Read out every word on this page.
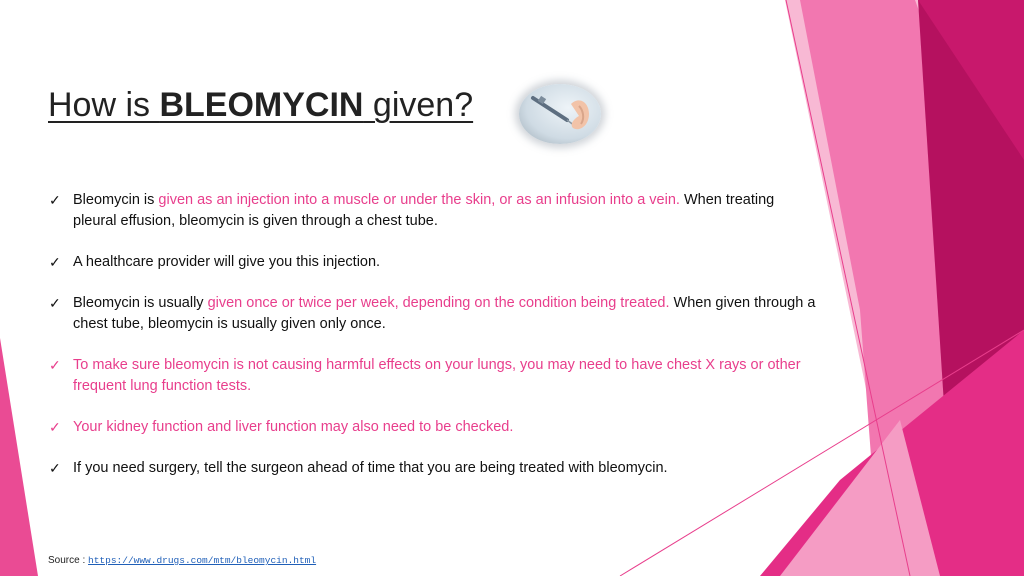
How is BLEOMYCIN given?
✓ Bleomycin is given as an injection into a muscle or under the skin, or as an infusion into a vein. When treating pleural effusion, bleomycin is given through a chest tube.
✓ A healthcare provider will give you this injection.
✓ Bleomycin is usually given once or twice per week, depending on the condition being treated. When given through a chest tube, bleomycin is usually given only once.
✓ To make sure bleomycin is not causing harmful effects on your lungs, you may need to have chest X rays or other frequent lung function tests.
✓ Your kidney function and liver function may also need to be checked.
✓ If you need surgery, tell the surgeon ahead of time that you are being treated with bleomycin.
Source : https://www.drugs.com/mtm/bleomycin.html
